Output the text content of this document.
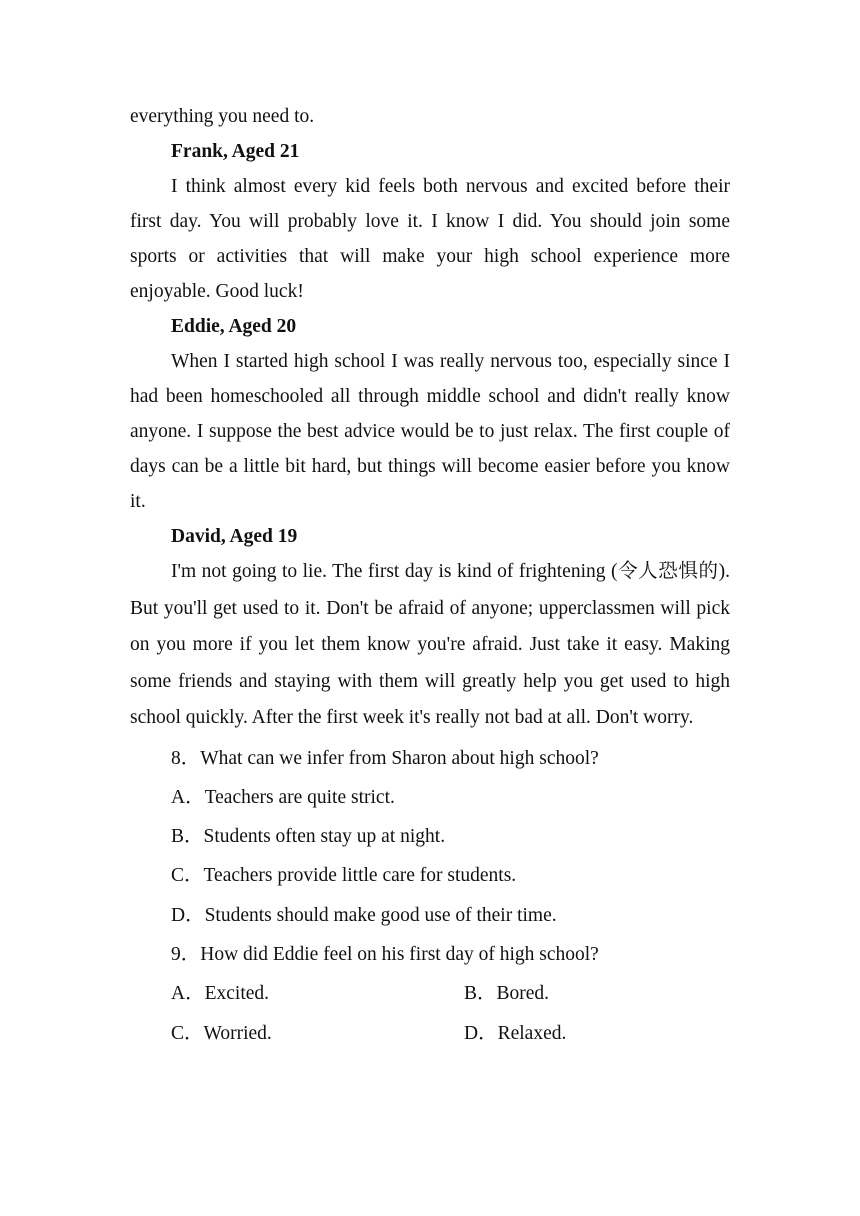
everything you need to.

Frank, Aged 21

I think almost every kid feels both nervous and excited before their first day. You will probably love it. I know I did. You should join some sports or activities that will make your high school experience more enjoyable. Good luck!

Eddie, Aged 20

When I started high school I was really nervous too, especially since I had been homeschooled all through middle school and didn't really know anyone. I suppose the best advice would be to just relax. The first couple of days can be a little bit hard, but things will become easier before you know it.

David, Aged 19

I'm not going to lie. The first day is kind of frightening (令人恐惧的). But you'll get used to it. Don't be afraid of anyone; upperclassmen will pick on you more if you let them know you're afraid. Just take it easy. Making some friends and staying with them will greatly help you get used to high school quickly. After the first week it's really not bad at all. Don't worry.

8．What can we infer from Sharon about high school?

A．Teachers are quite strict.

B．Students often stay up at night.

C．Teachers provide little care for students.

D．Students should make good use of their time.

9．How did Eddie feel on his first day of high school?

A．Excited.	B．Bored.
C．Worried.	D．Relaxed.
